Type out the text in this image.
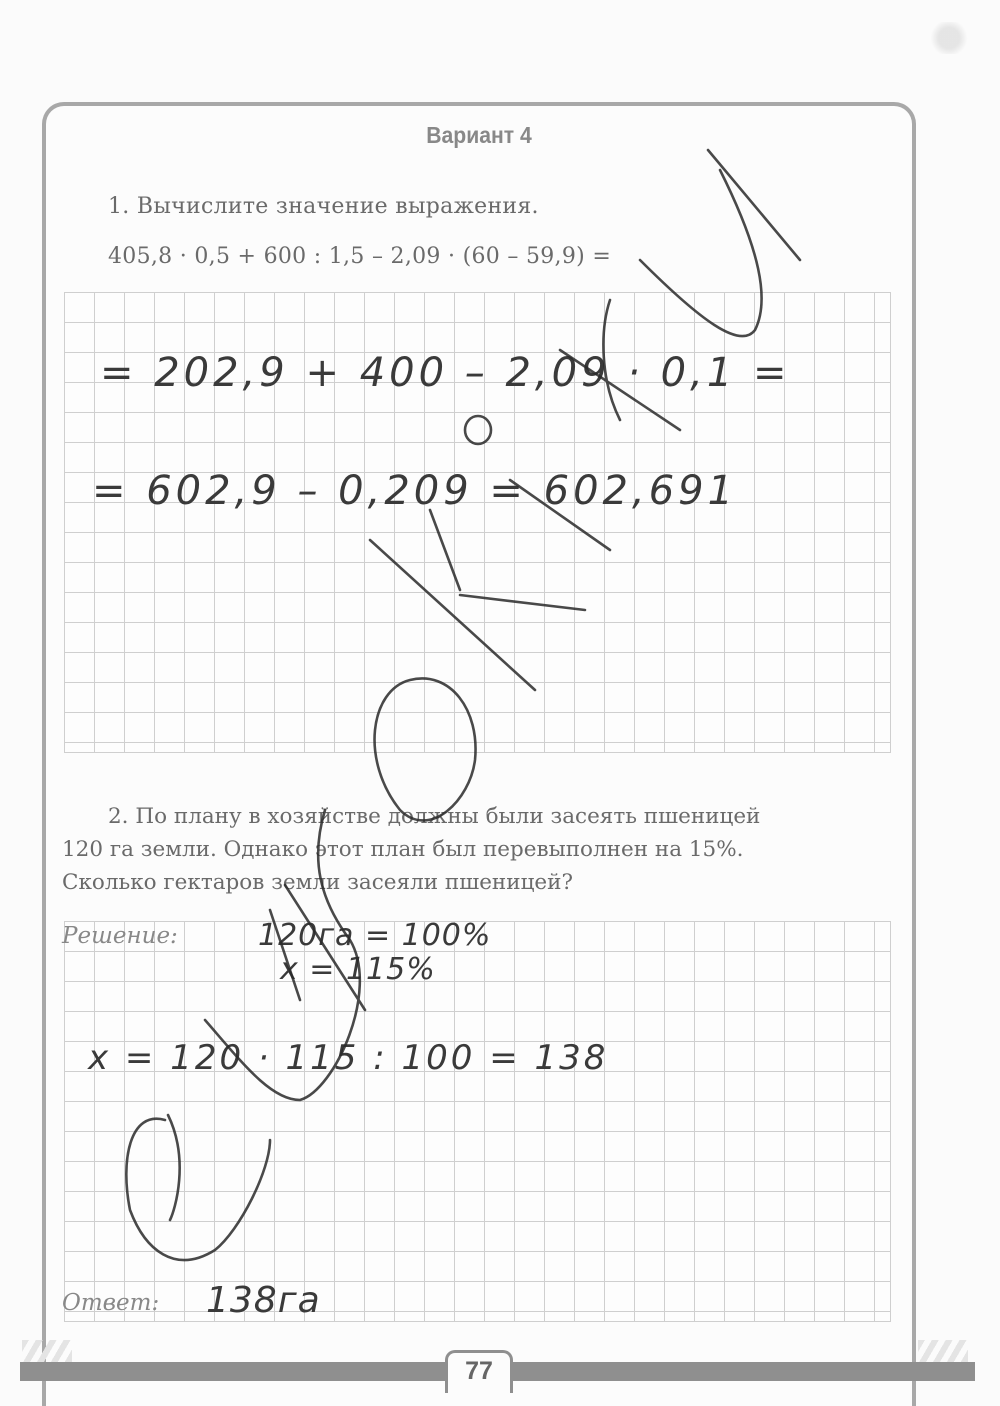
Вариант 4
1. Вычислите значение выражения.
405,8 · 0,5 + 600 : 1,5 – 2,09 · (60 – 59,9) =
= 202,9 + 400 – 2,09 · 0,1 =
= 602,9 – 0,209 = 602,691
2. По плану в хозяйстве должны были засеять пшеницей
120 га земли. Однако этот план был перевыполнен на 15%.
Сколько гектаров земли засеяли пшеницей?
Решение:	120га = 100%
x = 115%
x = 120 · 115 : 100 = 138
Ответ: 138га
77
